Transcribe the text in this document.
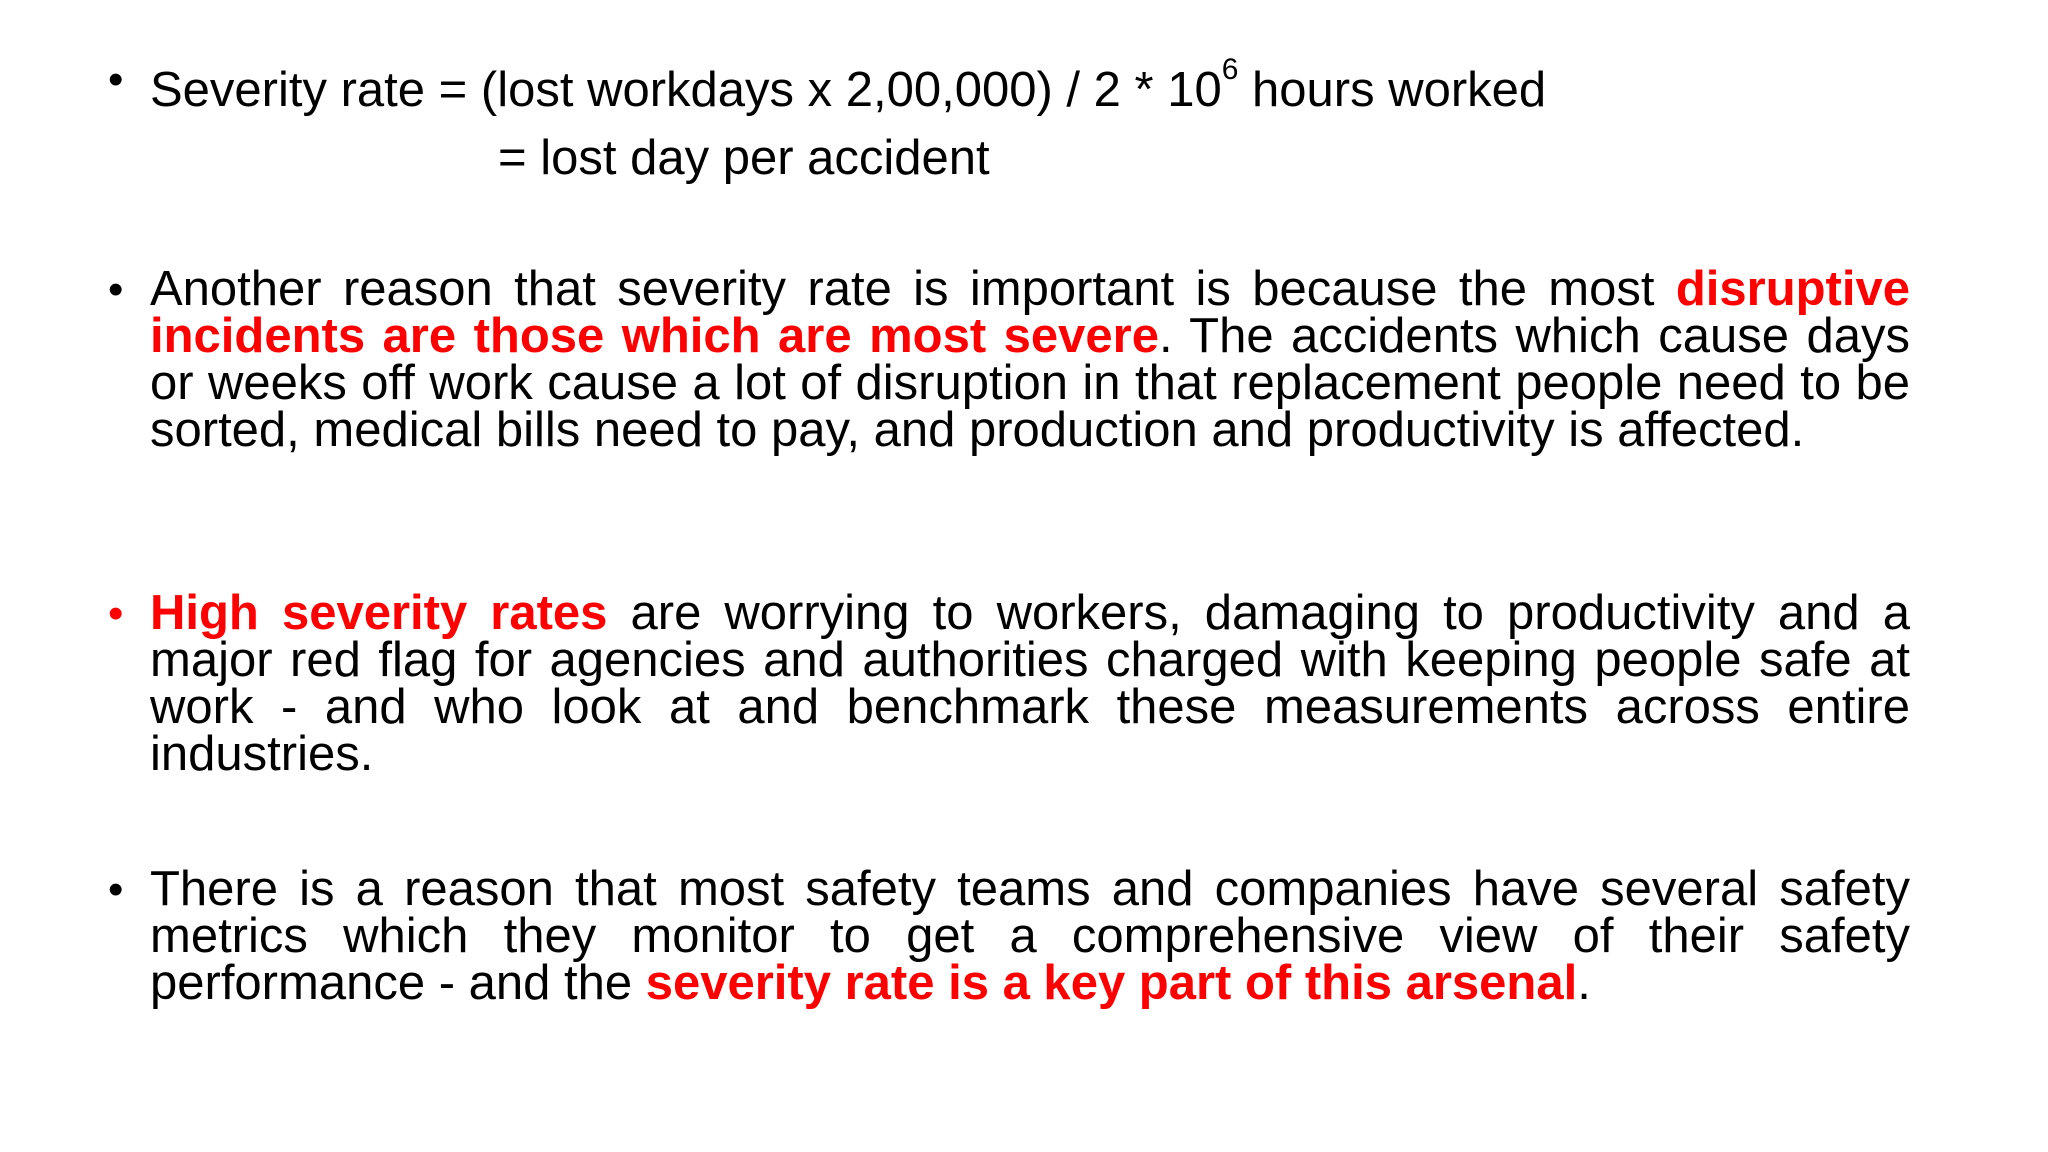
• Severity rate = (lost workdays x $2,00,000) / 2 * 10^6$ hours worked
= lost day per accident
• Another reason that severity rate is important is because the most disruptive incidents are those which are most severe. The accidents which cause days or weeks off work cause a lot of disruption in that replacement people need to be sorted, medical bills need to pay, and production and productivity is affected.
• High severity rates are worrying to workers, damaging to productivity and a major red flag for agencies and authorities charged with keeping people safe at work - and who look at and benchmark these measurements across entire industries.
• There is a reason that most safety teams and companies have several safety metrics which they monitor to get a comprehensive view of their safety performance - and the severity rate is a key part of this arsenal.
